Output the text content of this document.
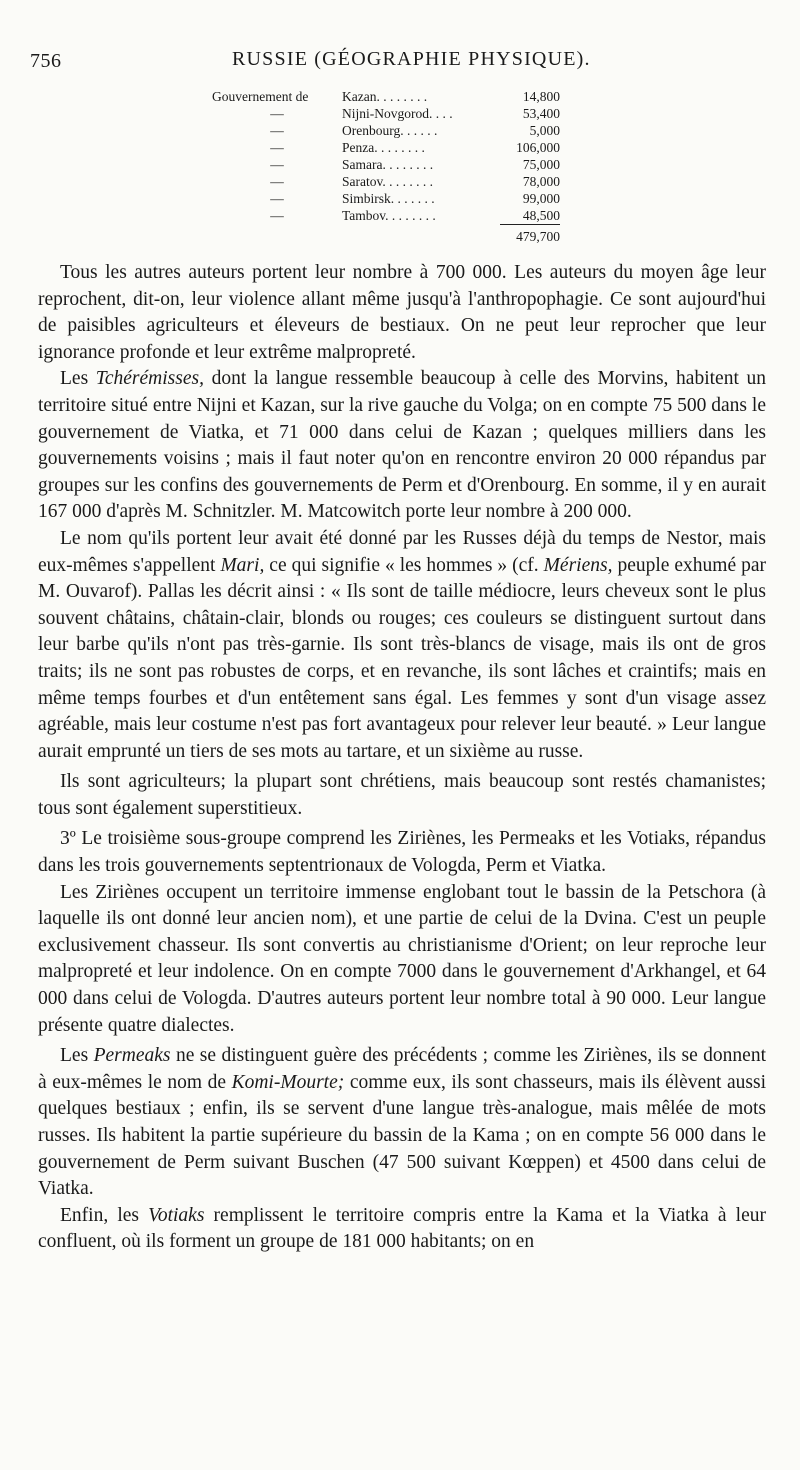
756	RUSSIE (GÉOGRAPHIE PHYSIQUE).
Gouvernement de	Kazan. . . . . . . .	14,800
—	Nijni-Novgorod. . . .	53,400
—	Orenbourg. . . . . .	5,000
—	Penza. . . . . . . .	106,000
—	Samara. . . . . . . .	75,000
—	Saratov. . . . . . . .	78,000
—	Simbirsk. . . . . . .	99,000
—	Tambov. . . . . . . .	48,500
		479,700

Tous les autres auteurs portent leur nombre à 700 000. Les auteurs du moyen âge leur reprochent, dit-on, leur violence allant même jusqu'à l'anthropophagie. Ce sont aujourd'hui de paisibles agriculteurs et éleveurs de bestiaux. On ne peut leur reprocher que leur ignorance profonde et leur extrême malpropreté.

Les Tchérémisses, dont la langue ressemble beaucoup à celle des Morvins, habitent un territoire situé entre Nijni et Kazan, sur la rive gauche du Volga; on en compte 75 500 dans le gouvernement de Viatka, et 71 000 dans celui de Kazan ; quelques milliers dans les gouvernements voisins ; mais il faut noter qu'on en rencontre environ 20 000 répandus par groupes sur les confins des gouvernements de Perm et d'Orenbourg. En somme, il y en aurait 167 000 d'après M. Schnitzler. M. Matcowitch porte leur nombre à 200 000.

Le nom qu'ils portent leur avait été donné par les Russes déjà du temps de Nestor, mais eux-mêmes s'appellent Mari, ce qui signifie « les hommes » (cf. Mériens, peuple exhumé par M. Ouvarof). Pallas les décrit ainsi : « Ils sont de taille médiocre, leurs cheveux sont le plus souvent châtains, châtain-clair, blonds ou rouges; ces couleurs se distinguent surtout dans leur barbe qu'ils n'ont pas très-garnie. Ils sont très-blancs de visage, mais ils ont de gros traits; ils ne sont pas robustes de corps, et en revanche, ils sont lâches et craintifs; mais en même temps fourbes et d'un entêtement sans égal. Les femmes y sont d'un visage assez agréable, mais leur costume n'est pas fort avantageux pour relever leur beauté. » Leur langue aurait emprunté un tiers de ses mots au tartare, et un sixième au russe.

Ils sont agriculteurs; la plupart sont chrétiens, mais beaucoup sont restés chamanistes; tous sont également superstitieux.

3º Le troisième sous-groupe comprend les Ziriènes, les Permeaks et les Votiaks, répandus dans les trois gouvernements septentrionaux de Vologda, Perm et Viatka.

Les Ziriènes occupent un territoire immense englobant tout le bassin de la Petschora (à laquelle ils ont donné leur ancien nom), et une partie de celui de la Dvina. C'est un peuple exclusivement chasseur. Ils sont convertis au christianisme d'Orient; on leur reproche leur malpropreté et leur indolence. On en compte 7000 dans le gouvernement d'Arkhangel, et 64 000 dans celui de Vologda. D'autres auteurs portent leur nombre total à 90 000. Leur langue présente quatre dialectes.

Les Permeaks ne se distinguent guère des précédents ; comme les Ziriènes, ils se donnent à eux-mêmes le nom de Komi-Mourte; comme eux, ils sont chasseurs, mais ils élèvent aussi quelques bestiaux ; enfin, ils se servent d'une langue très-analogue, mais mêlée de mots russes. Ils habitent la partie supérieure du bassin de la Kama ; on en compte 56 000 dans le gouvernement de Perm suivant Buschen (47 500 suivant Kœppen) et 4500 dans celui de Viatka.

Enfin, les Votiaks remplissent le territoire compris entre la Kama et la Viatka à leur confluent, où ils forment un groupe de 181 000 habitants; on en
